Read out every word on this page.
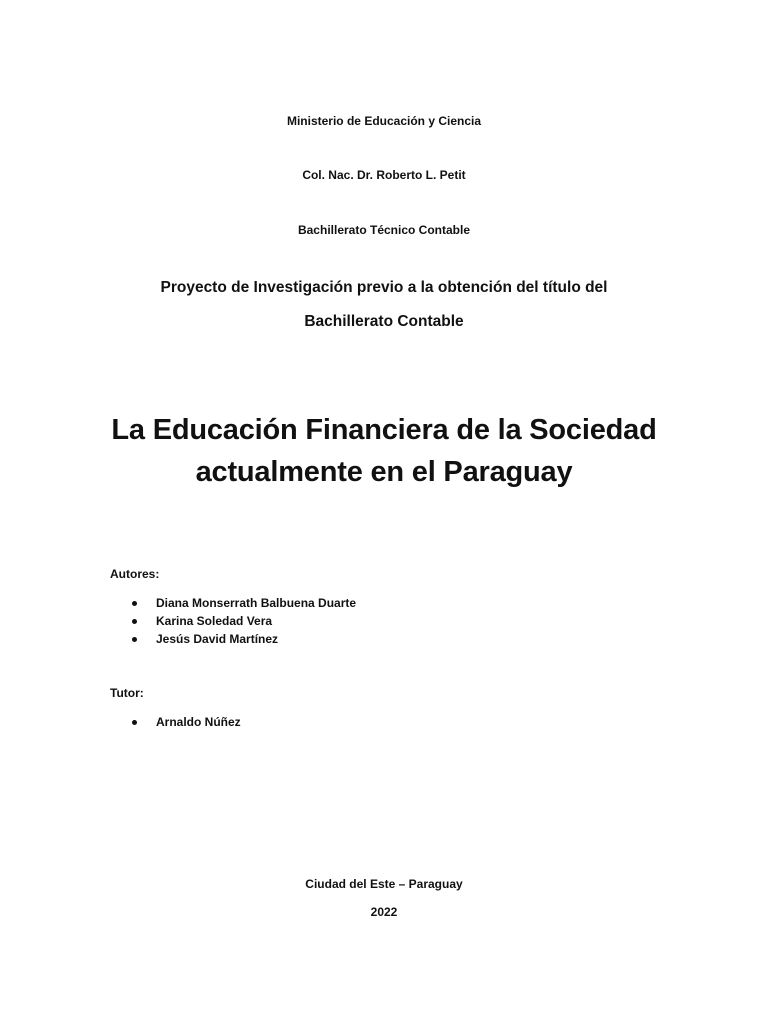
Ministerio de Educación y Ciencia
Col. Nac. Dr. Roberto L. Petit
Bachillerato Técnico Contable
Proyecto de Investigación previo a la obtención del título del
Bachillerato Contable
La Educación Financiera de la Sociedad
actualmente en el Paraguay
Autores:
Diana Monserrath Balbuena Duarte
Karina Soledad Vera
Jesús David Martínez
Tutor:
Arnaldo Núñez
Ciudad del Este – Paraguay
2022
